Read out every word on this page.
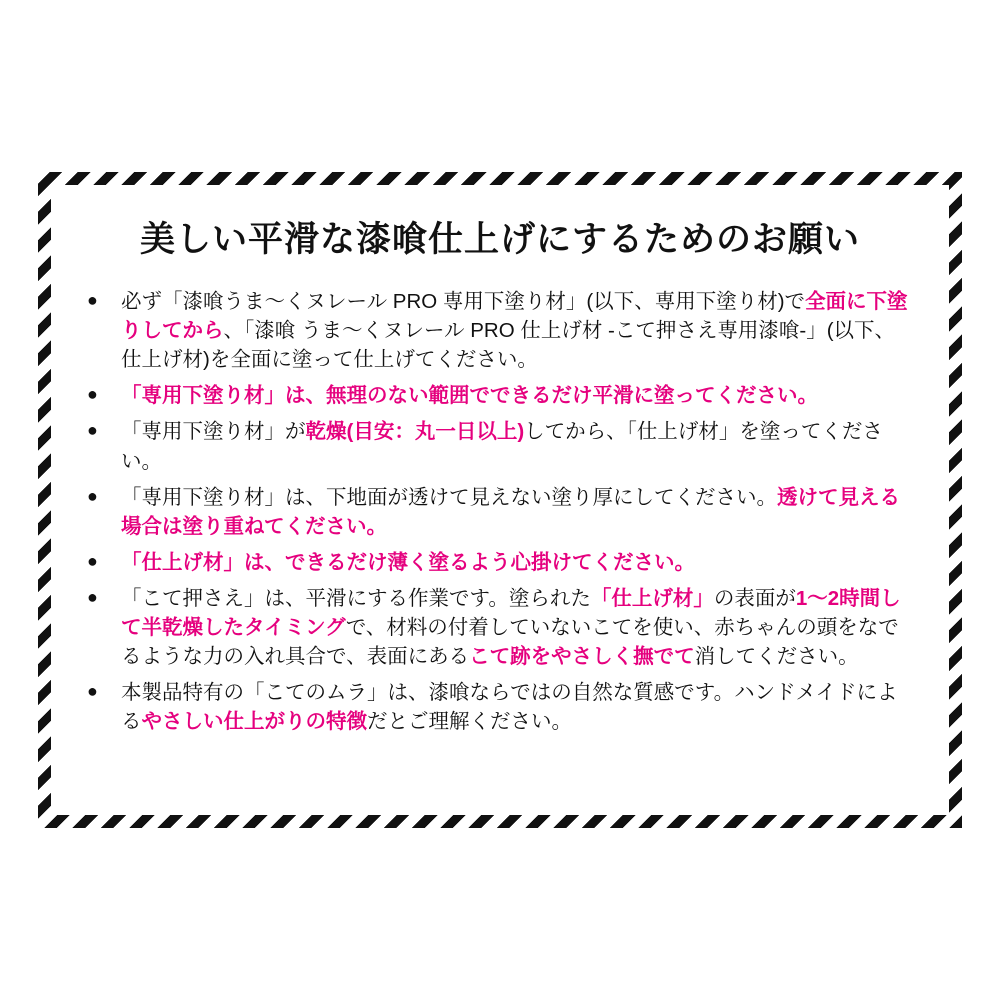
美しい平滑な漆喰仕上げにするためのお願い
● 必ず「漆喰うま～くヌレール PRO 専用下塗り材」(以下、専用下塗り材)で全面に下塗りしてから、「漆喰 うま～くヌレール PRO 仕上げ材 -こて押さえ専用漆喰-」(以下、仕上げ材)を全面に塗って仕上げてください。
● 「専用下塗り材」は、無理のない範囲でできるだけ平滑に塗ってください。
● 「専用下塗り材」が乾燥(目安：丸一日以上)してから、「仕上げ材」を塗ってください。
● 「専用下塗り材」は、下地面が透けて見えない塗り厚にしてください。透けて見える場合は塗り重ねてください。
● 「仕上げ材」は、できるだけ薄く塗るよう心掛けてください。
● 「こて押さえ」は、平滑にする作業です。塗られた「仕上げ材」の表面が1～2時間して半乾燥したタイミングで、材料の付着していないこてを使い、赤ちゃんの頭をなでるような力の入れ具合で、表面にあるこて跡をやさしく撫でて消してください。
● 本製品特有の「こてのムラ」は、漆喰ならではの自然な質感です。ハンドメイドによるやさしい仕上がりの特徴だとご理解ください。
